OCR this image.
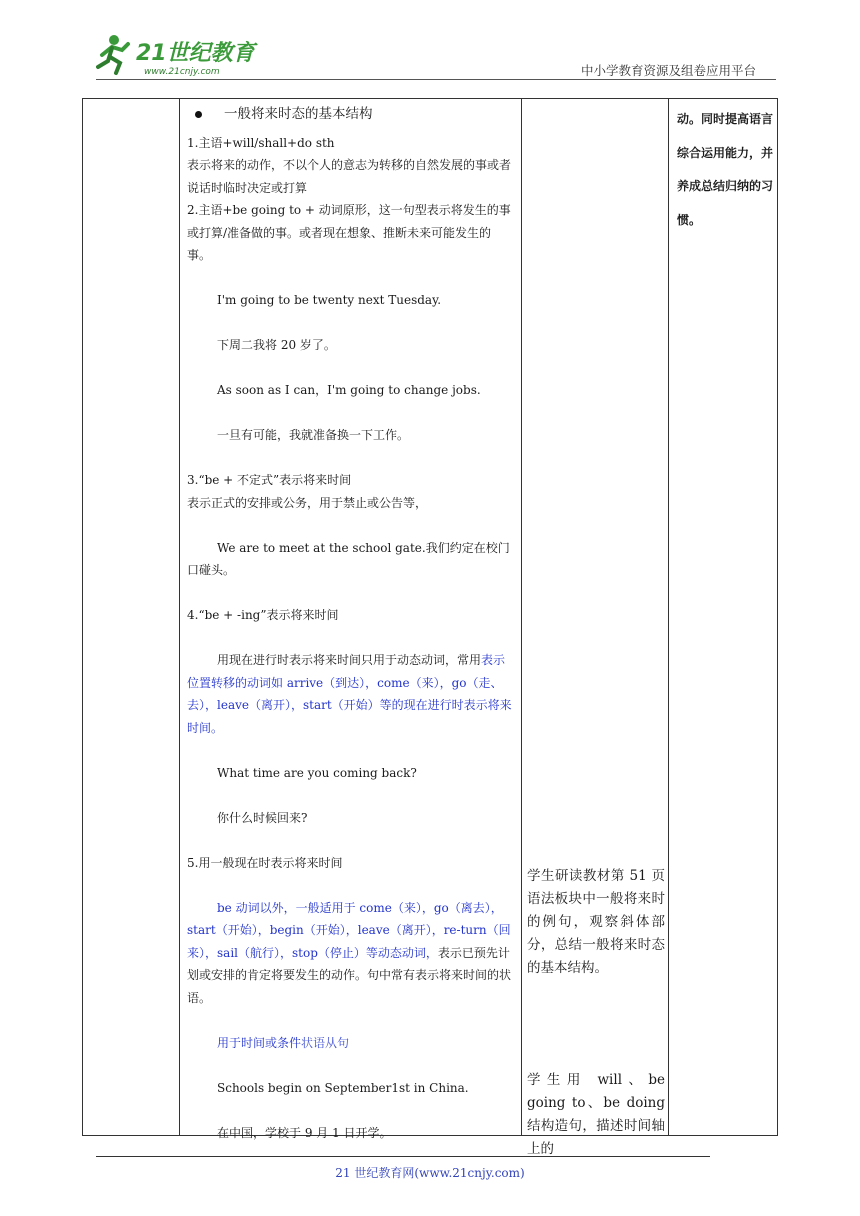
21世纪教育
www.21cnjy.com	中小学教育资源及组卷应用平台
一般将来时态的基本结构

1.主语+will/shall+do sth

表示将来的动作，不以个人的意志为转移的自然发展的事或者说话时临时决定或打算

2.主语+be going to + 动词原形，这一句型表示将发生的事或打算/准备做的事。或者现在想象、推断未来可能发生的事。

I'm going to be twenty next Tuesday.

下周二我将 20 岁了。

As soon as I can，I'm going to change jobs.

一旦有可能，我就准备换一下工作。

3.“be + 不定式”表示将来时间

表示正式的安排或公务，用于禁止或公告等，

We are to meet at the school gate.我们约定在校门口碰头。

4.“be + -ing”表示将来时间

用现在进行时表示将来时间只用于动态动词，常用表示位置转移的动词如 arrive（到达），come（来），go（走、去），leave（离开），start（开始）等的现在进行时表示将来时间。

What time are you coming back?

你什么时候回来?

5.用一般现在时表示将来时间

be 动词以外，一般适用于 come（来），go（离去），start（开始），begin（开始），leave（离开），re-turn（回来），sail（航行），stop（停止）等动态动词，表示已预先计划或安排的肯定将要发生的动作。句中常有表示将来时间的状语。

用于时间或条件状语从句

Schools begin on September1st in China.

在中国，学校于 9 月 1 日开学。

学生研读教材第 51 页语法板块中一般将来时的例句，观察斜体部分，总结一般将来时态的基本结构。
学生用 will、be going to、be doing 结构造句，描述时间轴上的
动。同时提高语言综合运用能力，并养成总结归纳的习惯。
21 世纪教育网(www.21cnjy.com)
